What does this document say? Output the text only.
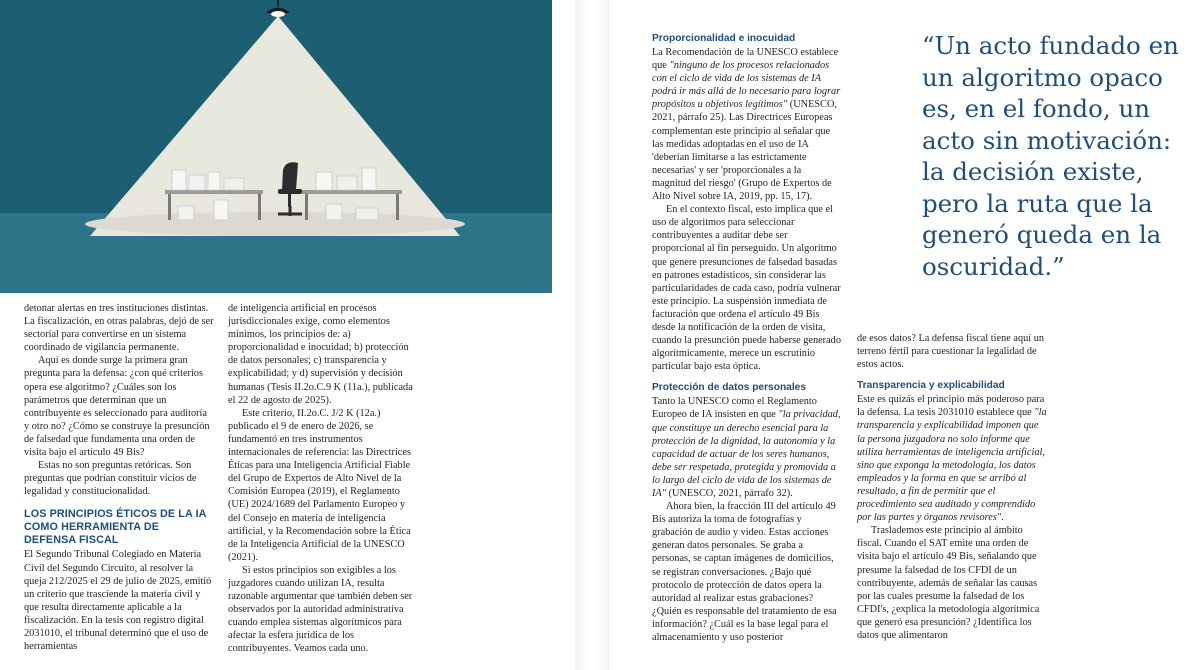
detonar alertas en tres instituciones distintas. La fiscalización, en otras palabras, dejó de ser sectorial para convertirse en un sistema coordinado de vigilancia permanente.

Aquí es donde surge la primera gran pregunta para la defensa: ¿con qué criterios opera ese algoritmo? ¿Cuáles son los parámetros que determinan que un contribuyente es seleccionado para auditoría y otro no? ¿Cómo se construye la presunción de falsedad que fundamenta una orden de visita bajo el artículo 49 Bis?

Estas no son preguntas retóricas. Son preguntas que podrían constituir vicios de legalidad y constitucionalidad.

LOS PRINCIPIOS ÉTICOS DE LA IA COMO HERRAMIENTA DE DEFENSA FISCAL

El Segundo Tribunal Colegiado en Materia Civil del Segundo Circuito, al resolver la queja 212/2025 el 29 de julio de 2025, emitió un criterio que trasciende la materia civil y que resulta directamente aplicable a la fiscalización. En la tesis con registro digital 2031010, el tribunal determinó que el uso de herramientas

de inteligencia artificial en procesos jurisdiccionales exige, como elementos mínimos, los principios de: a) proporcionalidad e inocuidad; b) protección de datos personales; c) transparencia y explicabilidad; y d) supervisión y decisión humanas (Tesis II.2o.C.9 K (11a.), publicada el 22 de agosto de 2025).

Este criterio, II.2o.C. J/2 K (12a.) publicado el 9 de enero de 2026, se fundamentó en tres instrumentos internacionales de referencia: las Directrices Éticas para una Inteligencia Artificial Fiable del Grupo de Expertos de Alto Nivel de la Comisión Europea (2019), el Reglamento (UE) 2024/1689 del Parlamento Europeo y del Consejo en materia de inteligencia artificial, y la Recomendación sobre la Ética de la Inteligencia Artificial de la UNESCO (2021).

Si estos principios son exigibles a los juzgadores cuando utilizan IA, resulta razonable argumentar que también deben ser observados por la autoridad administrativa cuando emplea sistemas algorítmicos para afectar la esfera jurídica de los contribuyentes. Veamos cada uno.

Proporcionalidad e inocuidad

La Recomendación de la UNESCO establece que "ninguno de los procesos relacionados con el ciclo de vida de los sistemas de IA podrá ir más allá de lo necesario para lograr propósitos u objetivos legítimos" (UNESCO, 2021, párrafo 25). Las Directrices Europeas complementan este principio al señalar que las medidas adoptadas en el uso de IA 'deberían limitarse a las estrictamente necesarias' y ser 'proporcionales a la magnitud del riesgo' (Grupo de Expertos de Alto Nivel sobre IA, 2019, pp. 15, 17).

En el contexto fiscal, esto implica que el uso de algoritmos para seleccionar contribuyentes a auditar debe ser proporcional al fin perseguido. Un algoritmo que genere presunciones de falsedad basadas en patrones estadísticos, sin considerar las particularidades de cada caso, podría vulnerar este principio. La suspensión inmediata de facturación que ordena el artículo 49 Bis desde la notificación de la orden de visita, cuando la presunción puede haberse generado algorítmicamente, merece un escrutinio particular bajo esta óptica.

Protección de datos personales

Tanto la UNESCO como el Reglamento Europeo de IA insisten en que "la privacidad, que constituye un derecho esencial para la protección de la dignidad, la autonomía y la capacidad de actuar de los seres humanos, debe ser respetada, protegida y promovida a lo largo del ciclo de vida de los sistemas de IA" (UNESCO, 2021, párrafo 32).

Ahora bien, la fracción III del artículo 49 Bis autoriza la toma de fotografías y grabación de audio y video. Estas acciones generan datos personales. Se graba a personas, se captan imágenes de domicilios, se registran conversaciones. ¿Bajo qué protocolo de protección de datos opera la autoridad al realizar estas grabaciones? ¿Quién es responsable del tratamiento de esa información? ¿Cuál es la base legal para el almacenamiento y uso posterior

de esos datos? La defensa fiscal tiene aquí un terreno fértil para cuestionar la legalidad de estos actos.

Transparencia y explicabilidad

Este es quizás el principio más poderoso para la defensa. La tesis 2031010 establece que "la transparencia y explicabilidad imponen que la persona juzgadora no solo informe que utiliza herramientas de inteligencia artificial, sino que exponga la metodología, los datos empleados y la forma en que se arribó al resultado, a fin de permitir que el procedimiento sea auditado y comprendido por las partes y órganos revisores".

Traslademos este principio al ámbito fiscal. Cuando el SAT emite una orden de visita bajo el artículo 49 Bis, señalando que presume la falsedad de los CFDI de un contribuyente, además de señalar las causas por las cuales presume la falsedad de los CFDI's, ¿explica la metodología algorítmica que generó esa presunción? ¿Identifica los datos que alimentaron

“Un acto fundado en un algoritmo opaco es, en el fondo, un acto sin motivación: la decisión existe, pero la ruta que la generó queda en la oscuridad.”
